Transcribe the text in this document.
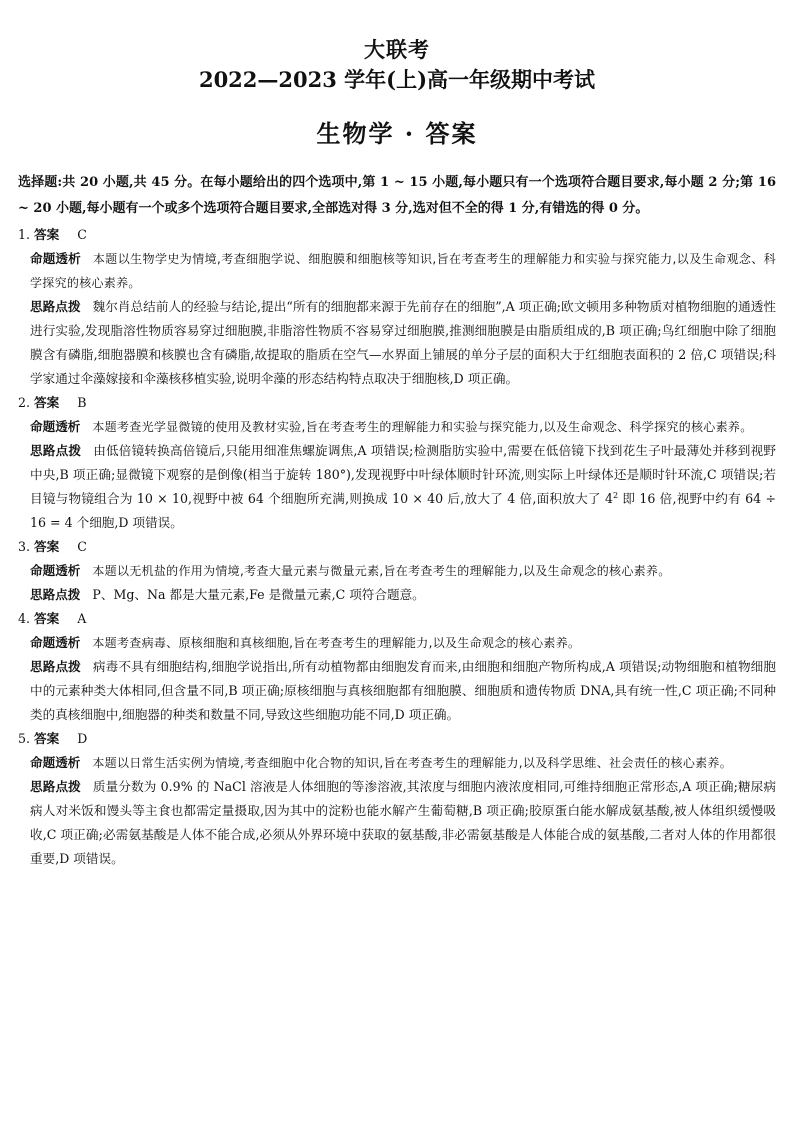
大联考
2022—2023 学年(上)高一年级期中考试
生物学 · 答案

选择题:共 20 小题,共 45 分。在每小题给出的四个选项中,第 1 ~ 15 小题,每小题只有一个选项符合题目要求,每小题 2 分;第 16 ~ 20 小题,每小题有一个或多个选项符合题目要求,全部选对得 3 分,选对但不全的得 1 分,有错选的得 0 分。

1. 答案 C

命题透析 本题以生物学史为情境,考查细胞学说、细胞膜和细胞核等知识,旨在考查考生的理解能力和实验与探究能力,以及生命观念、科学探究的核心素养。

思路点拨 魏尔肖总结前人的经验与结论,提出“所有的细胞都来源于先前存在的细胞”,A 项正确;欧文顿用多种物质对植物细胞的通透性进行实验,发现脂溶性物质容易穿过细胞膜,非脂溶性物质不容易穿过细胞膜,推测细胞膜是由脂质组成的,B 项正确;鸟红细胞中除了细胞膜含有磷脂,细胞器膜和核膜也含有磷脂,故提取的脂质在空气—水界面上铺展的单分子层的面积大于红细胞表面积的 2 倍,C 项错误;科学家通过伞藻嫁接和伞藻核移植实验,说明伞藻的形态结构特点取决于细胞核,D 项正确。

2. 答案 B

命题透析 本题考查光学显微镜的使用及教材实验,旨在考查考生的理解能力和实验与探究能力,以及生命观念、科学探究的核心素养。

思路点拨 由低倍镜转换高倍镜后,只能用细准焦螺旋调焦,A 项错误;检测脂肪实验中,需要在低倍镜下找到花生子叶最薄处并移到视野中央,B 项正确;显微镜下观察的是倒像(相当于旋转 180°),发现视野中叶绿体顺时针环流,则实际上叶绿体还是顺时针环流,C 项错误;若目镜与物镜组合为 10 × 10,视野中被 64 个细胞所充满,则换成 10 × 40 后,放大了 4 倍,面积放大了 $4^2$ 即 16 倍,视野中约有 64 ÷ 16 = 4 个细胞,D 项错误。

3. 答案 C

命题透析 本题以无机盐的作用为情境,考查大量元素与微量元素,旨在考查考生的理解能力,以及生命观念的核心素养。

思路点拨 P、Mg、Na 都是大量元素,Fe 是微量元素,C 项符合题意。

4. 答案 A

命题透析 本题考查病毒、原核细胞和真核细胞,旨在考查考生的理解能力,以及生命观念的核心素养。

思路点拨 病毒不具有细胞结构,细胞学说指出,所有动植物都由细胞发育而来,由细胞和细胞产物所构成,A 项错误;动物细胞和植物细胞中的元素种类大体相同,但含量不同,B 项正确;原核细胞与真核细胞都有细胞膜、细胞质和遗传物质 DNA,具有统一性,C 项正确;不同种类的真核细胞中,细胞器的种类和数量不同,导致这些细胞功能不同,D 项正确。

5. 答案 D

命题透析 本题以日常生活实例为情境,考查细胞中化合物的知识,旨在考查考生的理解能力,以及科学思维、社会责任的核心素养。

思路点拨 质量分数为 0.9% 的 NaCl 溶液是人体细胞的等渗溶液,其浓度与细胞内液浓度相同,可维持细胞正常形态,A 项正确;糖尿病病人对米饭和馒头等主食也都需定量摄取,因为其中的淀粉也能水解产生葡萄糖,B 项正确;胶原蛋白能水解成氨基酸,被人体组织缓慢吸收,C 项正确;必需氨基酸是人体不能合成,必须从外界环境中获取的氨基酸,非必需氨基酸是人体能合成的氨基酸,二者对人体的作用都很重要,D 项错误。
